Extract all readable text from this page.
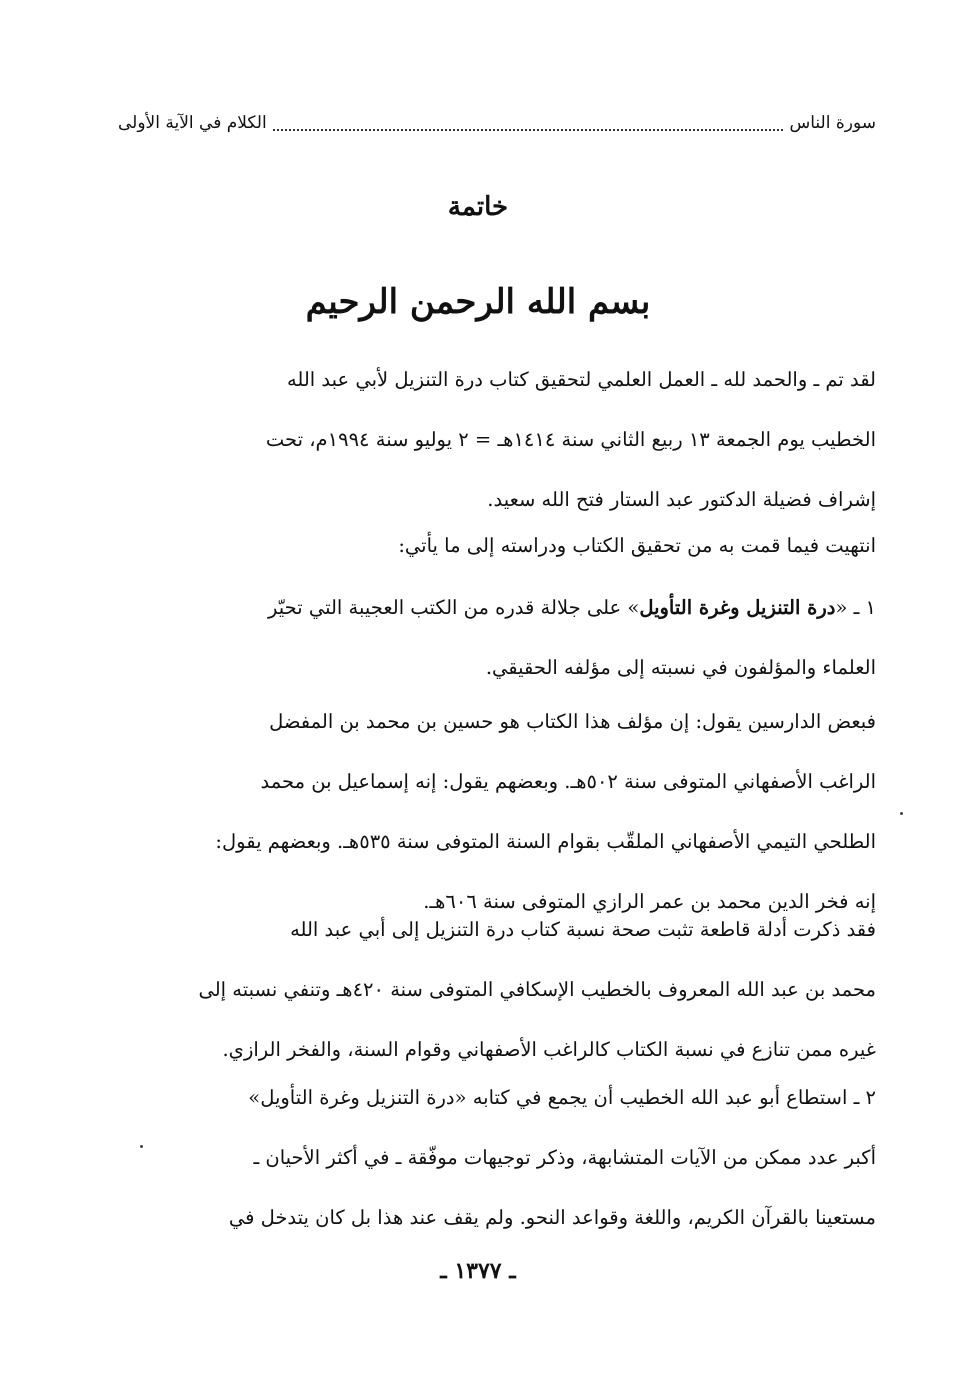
سورة الناس
الكلام في الآية الأولى
خاتمة
بسم الله الرحمن الرحيم
لقد تم ـ والحمد لله ـ العمل العلمي لتحقيق كتاب درة التنزيل لأبي عبد الله
الخطيب يوم الجمعة ١٣ ربيع الثاني سنة ١٤١٤هـ = ٢ يوليو سنة ١٩٩٤م، تحت
إشراف فضيلة الدكتور عبد الستار فتح الله سعيد.
انتهيت فيما قمت به من تحقيق الكتاب ودراسته إلى ما يأتي:
١ ـ «درة التنزيل وغرة التأويل» على جلالة قدره من الكتب العجيبة التي تحيّر
العلماء والمؤلفون في نسبته إلى مؤلفه الحقيقي.
فبعض الدارسين يقول: إن مؤلف هذا الكتاب هو حسين بن محمد بن المفضل
الراغب الأصفهاني المتوفى سنة ٥٠٢هـ. وبعضهم يقول: إنه إسماعيل بن محمد
الطلحي التيمي الأصفهاني الملقّب بقوام السنة المتوفى سنة ٥٣٥هـ. وبعضهم يقول:
إنه فخر الدين محمد بن عمر الرازي المتوفى سنة ٦٠٦هـ.
فقد ذكرت أدلة قاطعة تثبت صحة نسبة كتاب درة التنزيل إلى أبي عبد الله
محمد بن عبد الله المعروف بالخطيب الإسكافي المتوفى سنة ٤٢٠هـ وتنفي نسبته إلى
غيره ممن تنازع في نسبة الكتاب كالراغب الأصفهاني وقوام السنة، والفخر الرازي.
٢ ـ استطاع أبو عبد الله الخطيب أن يجمع في كتابه «درة التنزيل وغرة التأويل»
أكبر عدد ممكن من الآيات المتشابهة، وذكر توجيهات موفّقة ـ في أكثر الأحيان ـ
مستعينا بالقرآن الكريم، واللغة وقواعد النحو. ولم يقف عند هذا بل كان يتدخل في
ـ ١٣٧٧ ـ
